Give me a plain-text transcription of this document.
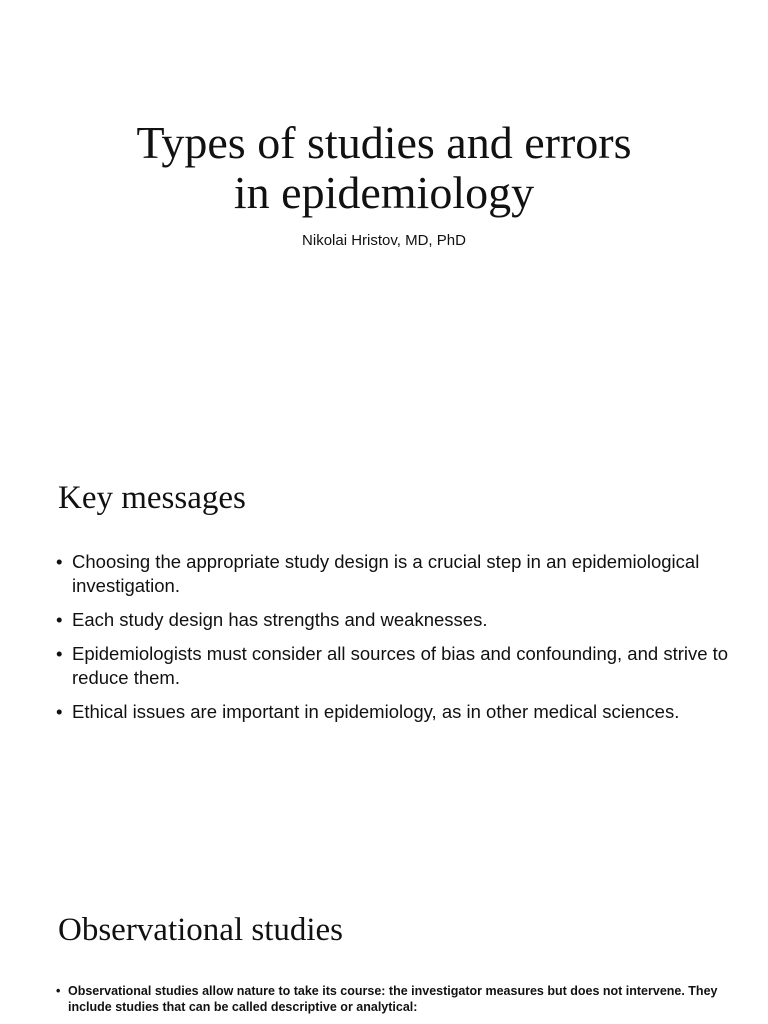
Types of studies and errors
in epidemiology

Nikolai Hristov, MD, PhD

Key messages
• Choosing the appropriate study design is a crucial step in an epidemiological investigation.
• Each study design has strengths and weaknesses.
• Epidemiologists must consider all sources of bias and confounding, and strive to reduce them.
• Ethical issues are important in epidemiology, as in other medical sciences.
Observational studies
• Observational studies allow nature to take its course: the investigator measures but does not intervene. They include studies that can be called descriptive or analytical:
